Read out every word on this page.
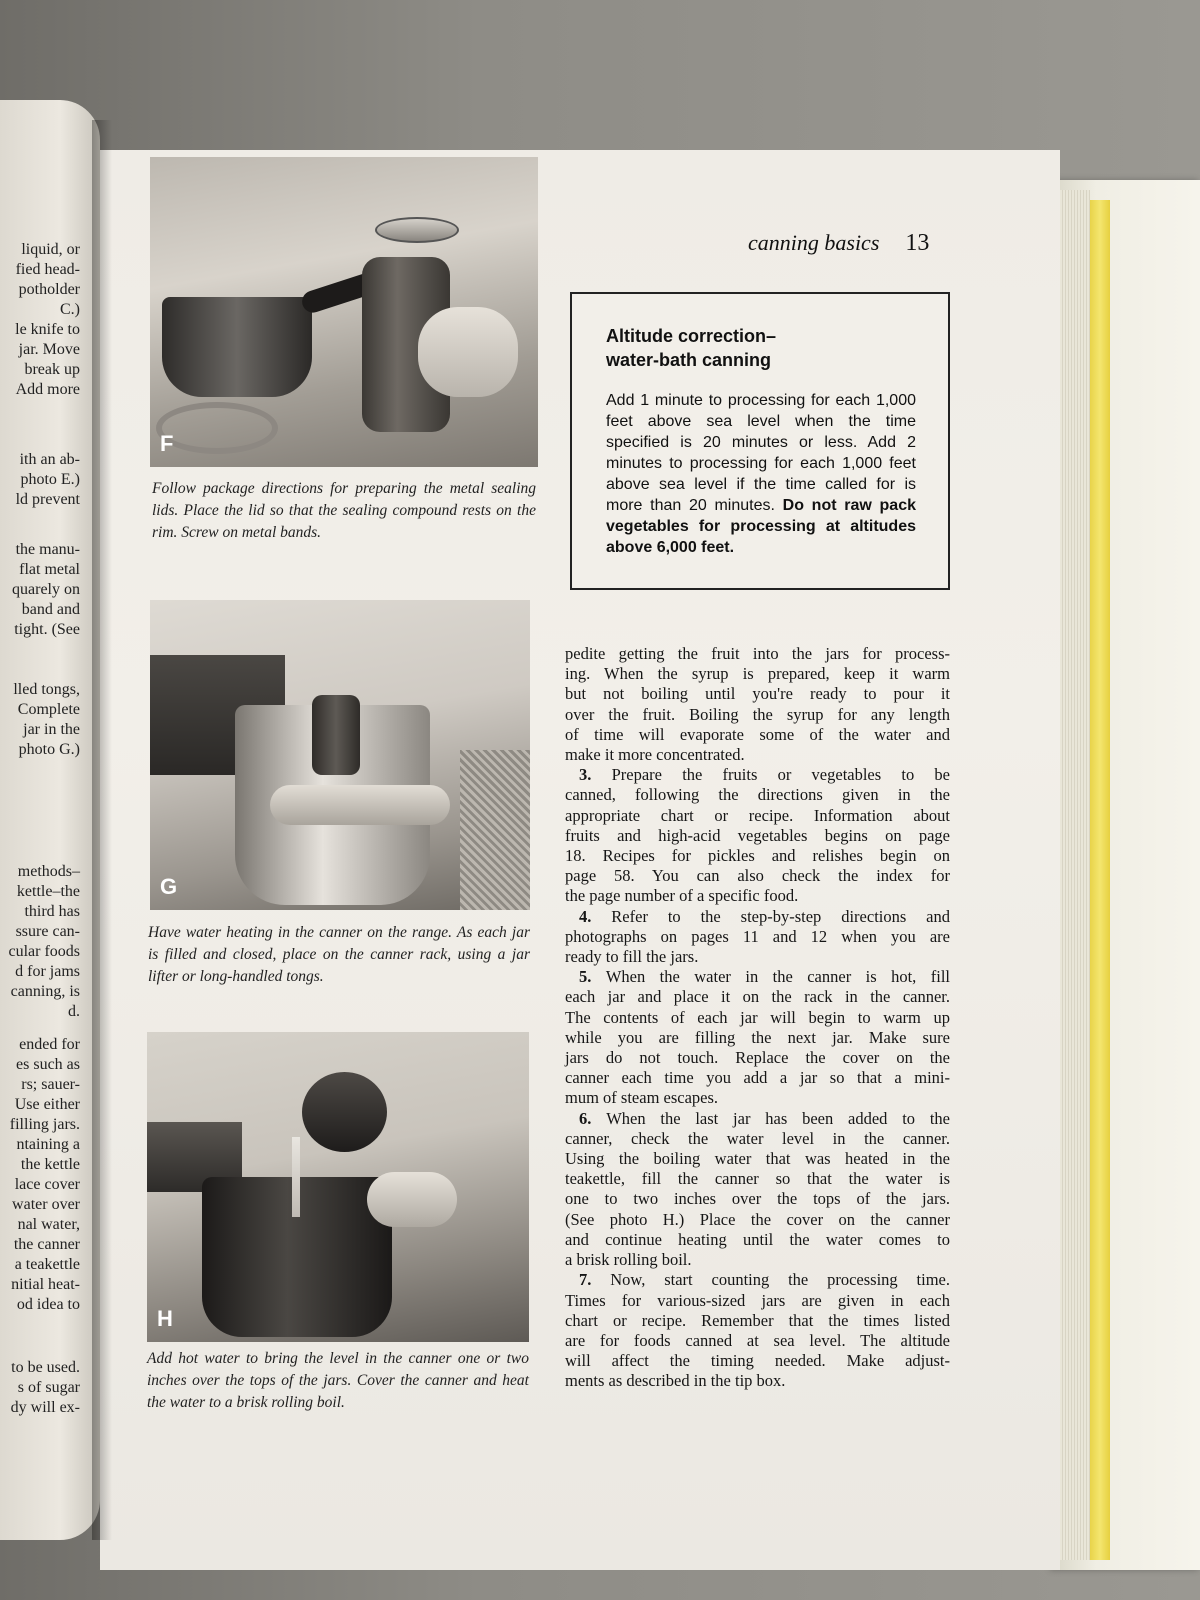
liquid, or

fied head-

potholder

C.)

le knife to

jar. Move

break up

Add more

ith an ab-

photo E.)

ld prevent

the manu-

flat metal

quarely on

band and

tight. (See

lled tongs,

Complete

jar in the

photo G.)

methods–

kettle–the

third has

ssure can-

cular foods

d for jams

canning, is

d.

ended for

es such as

rs; sauer-

Use either

filling jars.

ntaining a

the kettle

lace cover

water over

nal water,

the canner

a teakettle

nitial heat-

od idea to

to be used.

s of sugar

dy will ex-

canning basics 13
F
Follow package directions for preparing the metal sealing lids. Place the lid so that the sealing compound rests on the rim. Screw on metal bands.
G
Have water heating in the canner on the range. As each jar is filled and closed, place on the canner rack, using a jar lifter or long-handled tongs.
H
Add hot water to bring the level in the canner one or two inches over the tops of the jars. Cover the canner and heat the water to a brisk rolling boil.
Altitude correction–
water-bath canning

Add 1 minute to processing for each 1,000 feet above sea level when the time specified is 20 minutes or less. Add 2 minutes to processing for each 1,000 feet above sea level if the time called for is more than 20 minutes. Do not raw pack vegetables for processing at altitudes above 6,000 feet.

pedite getting the fruit into the jars for process-
ing. When the syrup is prepared, keep it warm
but not boiling until you're ready to pour it
over the fruit. Boiling the syrup for any length
of time will evaporate some of the water and
make it more concentrated.
3. Prepare the fruits or vegetables to be
canned, following the directions given in the
appropriate chart or recipe. Information about
fruits and high-acid vegetables begins on page
18. Recipes for pickles and relishes begin on
page 58. You can also check the index for
the page number of a specific food.
4. Refer to the step-by-step directions and
photographs on pages 11 and 12 when you are
ready to fill the jars.
5. When the water in the canner is hot, fill
each jar and place it on the rack in the canner.
The contents of each jar will begin to warm up
while you are filling the next jar. Make sure
jars do not touch. Replace the cover on the
canner each time you add a jar so that a mini-
mum of steam escapes.
6. When the last jar has been added to the
canner, check the water level in the canner.
Using the boiling water that was heated in the
teakettle, fill the canner so that the water is
one to two inches over the tops of the jars.
(See photo H.) Place the cover on the canner
and continue heating until the water comes to
a brisk rolling boil.
7. Now, start counting the processing time.
Times for various-sized jars are given in each
chart or recipe. Remember that the times listed
are for foods canned at sea level. The altitude
will affect the timing needed. Make adjust-
ments as described in the tip box.
